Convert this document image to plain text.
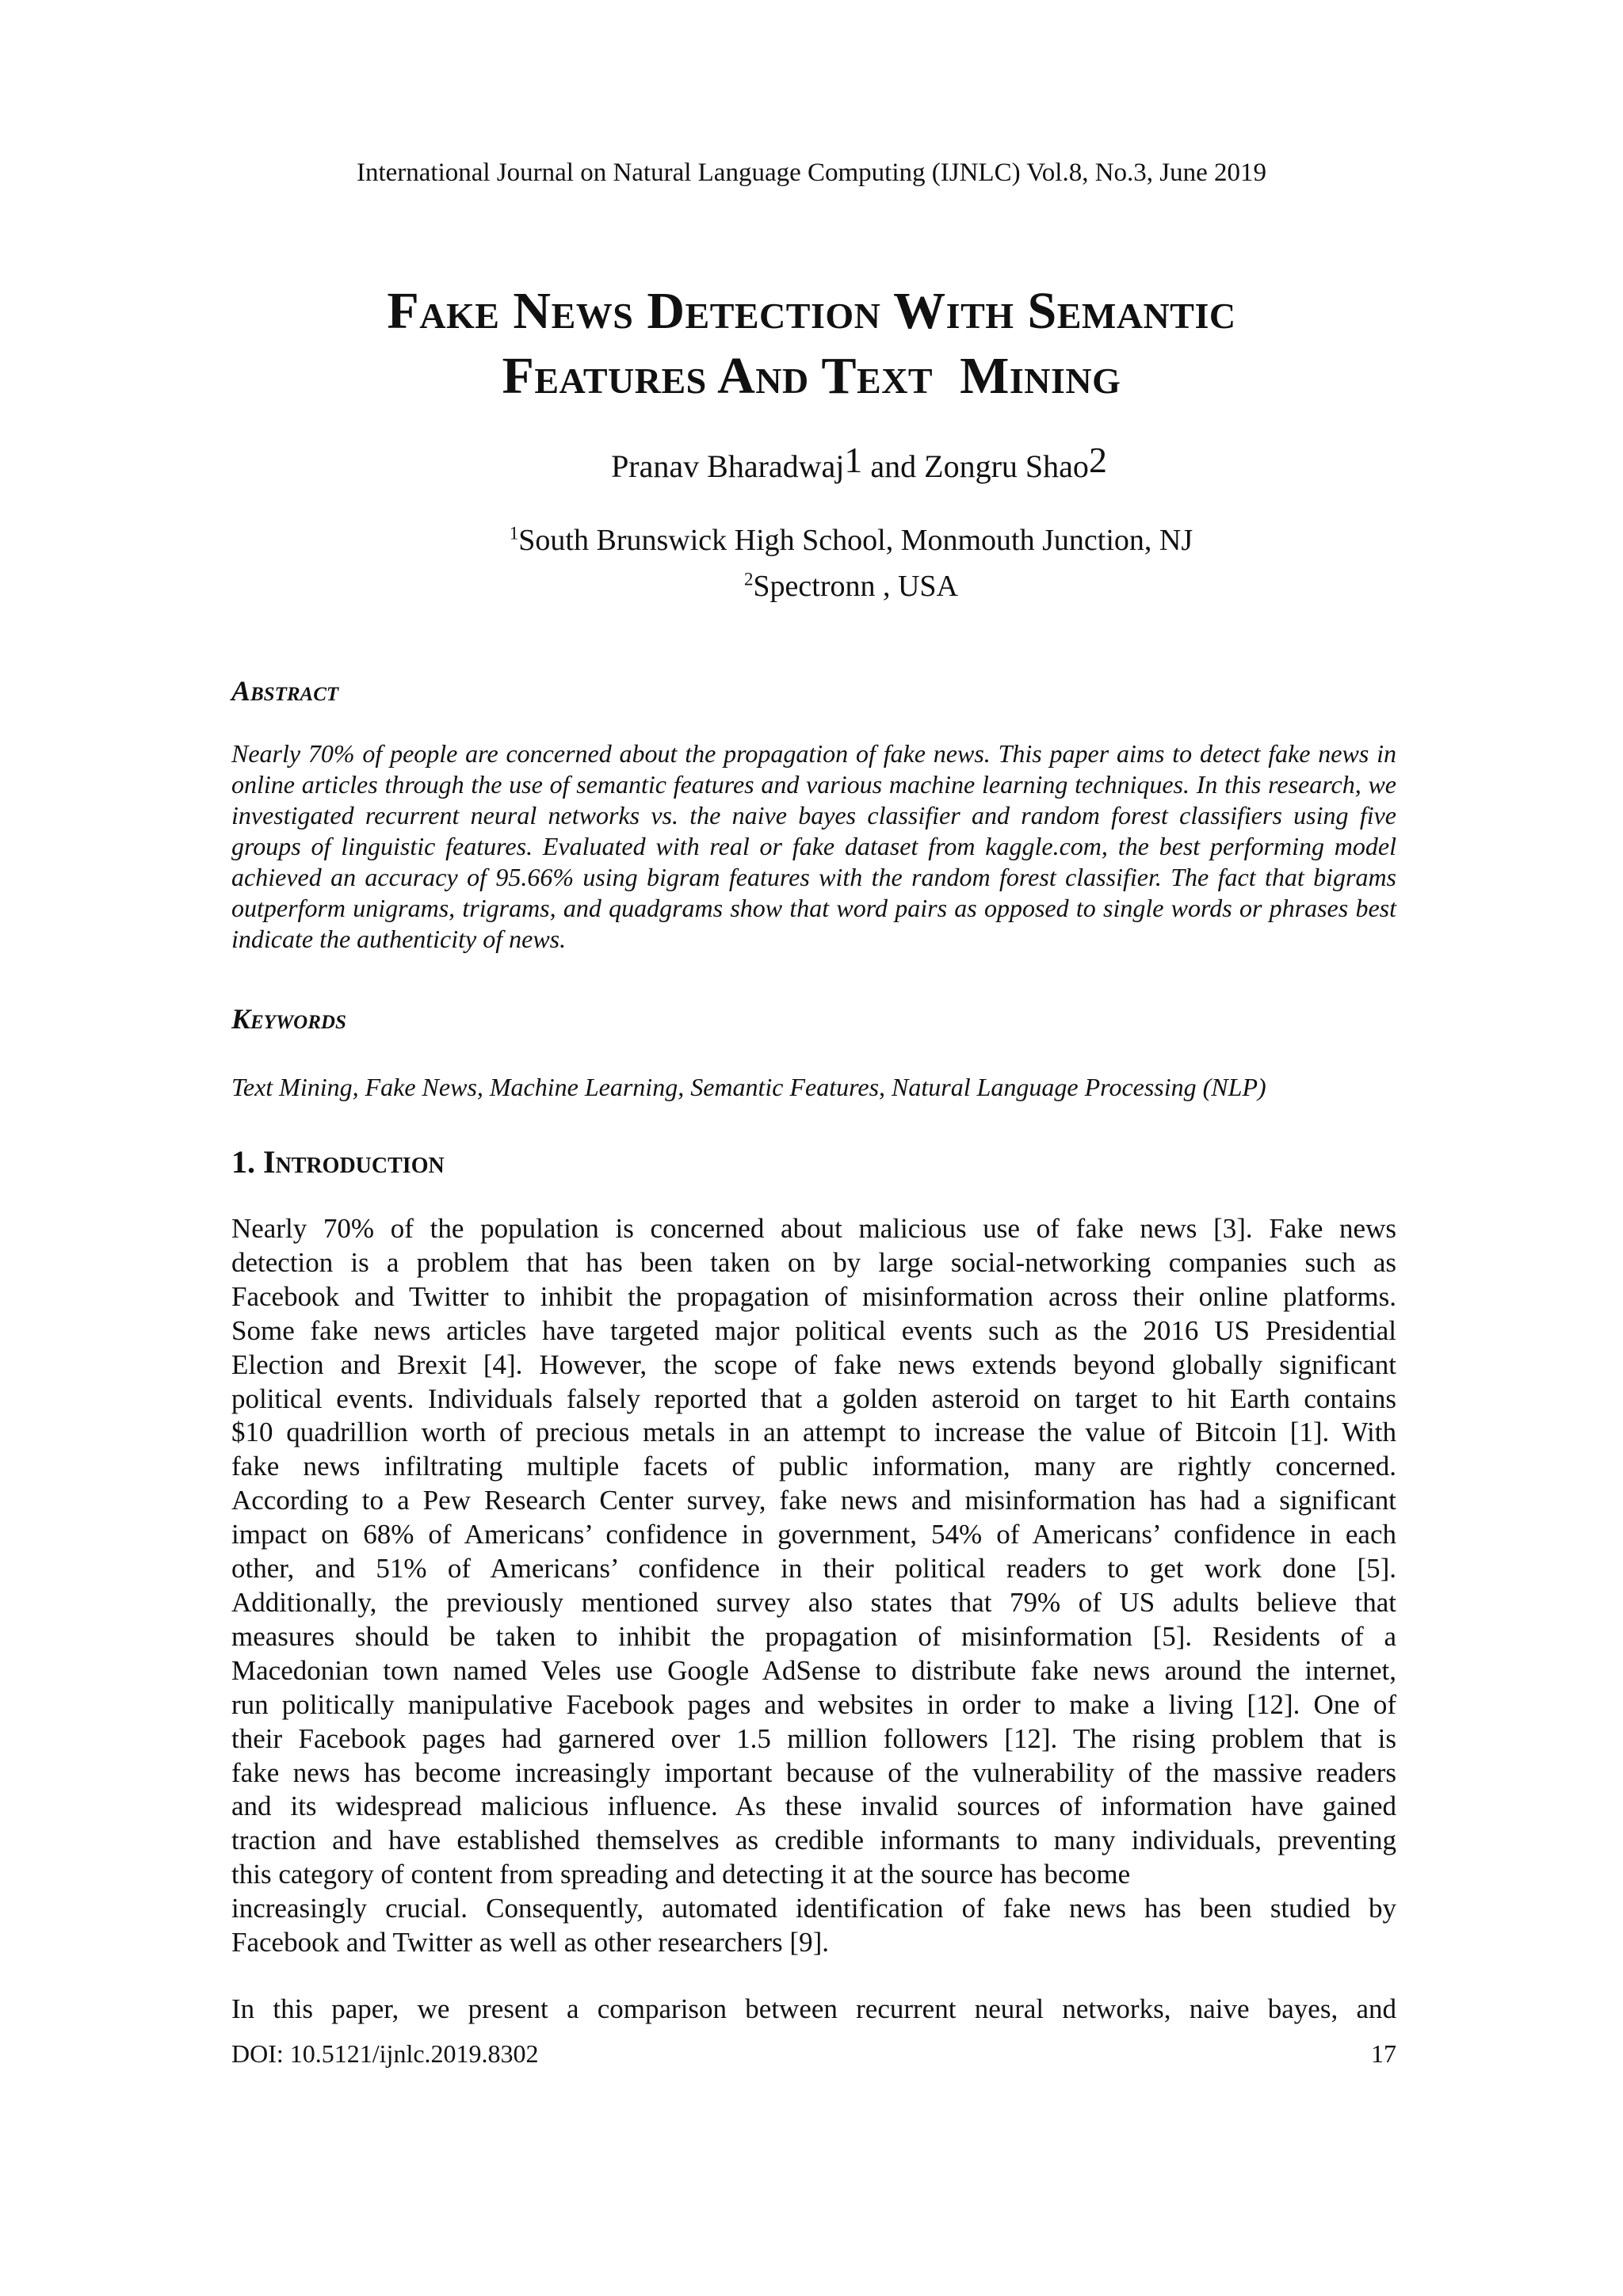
International Journal on Natural Language Computing (IJNLC) Vol.8, No.3, June 2019
Fake News Detection With Semantic
Features And Text  Mining
Pranav Bharadwaj1 and Zongru Shao2
$^1$South Brunswick High School, Monmouth Junction, NJ
$^2$Spectronn , USA
Abstract
Nearly 70% of people are concerned about the propagation of fake news. This paper aims to detect fake news in online articles through the use of semantic features and various machine learning techniques. In this research, we investigated recurrent neural networks vs. the naive bayes classifier and random forest classifiers using five groups of linguistic features. Evaluated with real or fake dataset from kaggle.com, the best performing model achieved an accuracy of 95.66% using bigram features with the random forest classifier. The fact that bigrams outperform unigrams, trigrams, and quadgrams show that word pairs as opposed to single words or phrases best indicate the authenticity of news.
Keywords
Text Mining, Fake News, Machine Learning, Semantic Features, Natural Language Processing (NLP)
1. Introduction
Nearly 70% of the population is concerned about malicious use of fake news [3]. Fake news
detection is a problem that has been taken on by large social-networking companies such as
Facebook and Twitter to inhibit the propagation of misinformation across their online platforms.
Some fake news articles have targeted major political events such as the 2016 US Presidential
Election and Brexit [4]. However, the scope of fake news extends beyond globally significant
political events. Individuals falsely reported that a golden asteroid on target to hit Earth contains
$10 quadrillion worth of precious metals in an attempt to increase the value of Bitcoin [1]. With
fake news infiltrating multiple facets of public information, many are rightly concerned.
According to a Pew Research Center survey, fake news and misinformation has had a significant
impact on 68% of Americans’ confidence in government, 54% of Americans’ confidence in each
other, and 51% of Americans’ confidence in their political readers to get work done [5].
Additionally, the previously mentioned survey also states that 79% of US adults believe that
measures should be taken to inhibit the propagation of misinformation [5]. Residents of a
Macedonian town named Veles use Google AdSense to distribute fake news around the internet,
run politically manipulative Facebook pages and websites in order to make a living [12]. One of
their Facebook pages had garnered over 1.5 million followers [12]. The rising problem that is
fake news has become increasingly important because of the vulnerability of the massive readers
and its widespread malicious influence. As these invalid sources of information have gained
traction and have established themselves as credible informants to many individuals, preventing
this category of content from spreading and detecting it at the source has become
increasingly crucial. Consequently, automated identification of fake news has been studied by
Facebook and Twitter as well as other researchers [9].
In this paper, we present a comparison between recurrent neural networks, naive bayes, and
DOI: 10.5121/ijnlc.2019.8302	17
